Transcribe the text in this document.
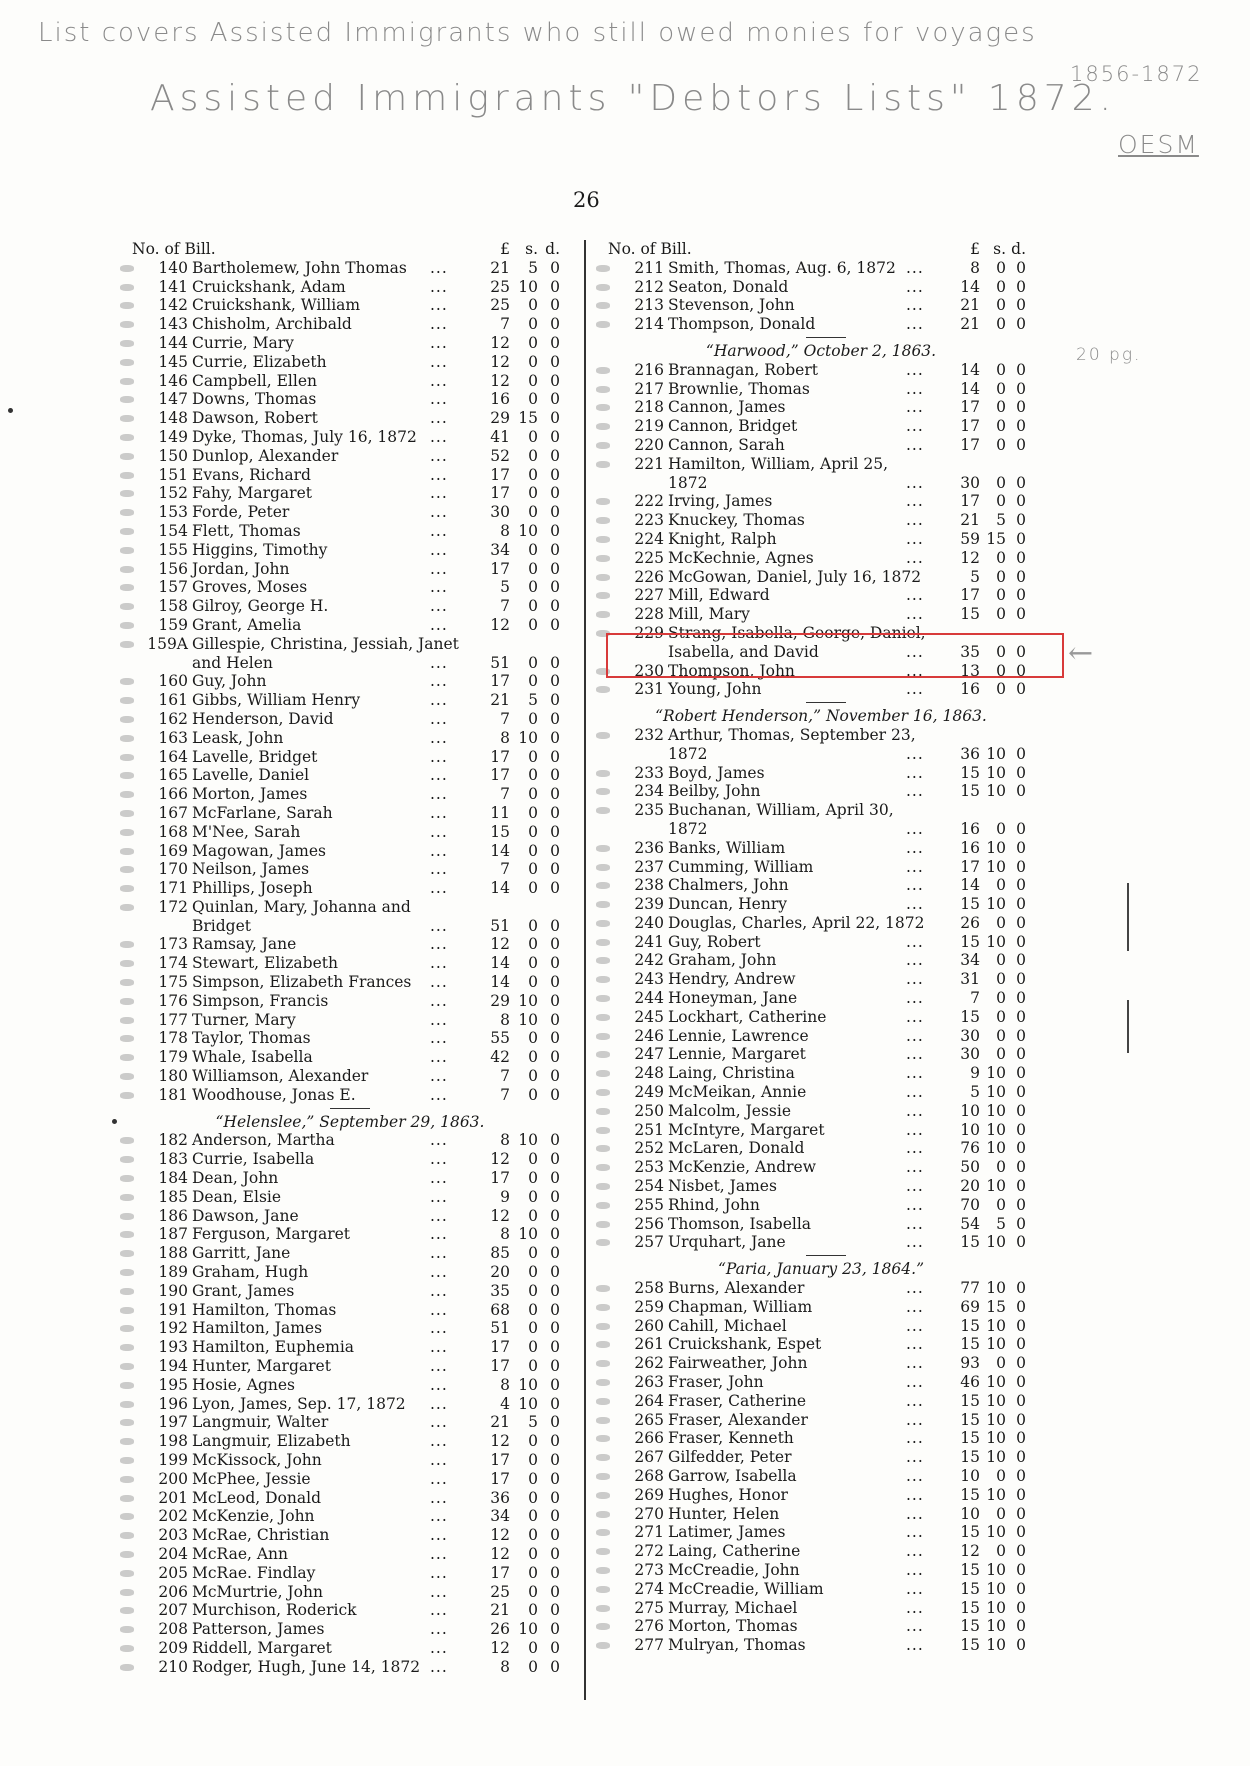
List covers Assisted Immigrants who still owed monies for voyages
Assisted Immigrants "Debtors Lists" 1872.
1856-1872
OESM
20 pg.
26
No. of Bill.	£ s. d.
140 Bartholemew, John Thomas ...	21	5 0
141 Cruickshank, Adam	...	25 10 0
142 Cruickshank, William	...	25	0 0
143 Chisholm, Archibald	...	7	0 0
144 Currie, Mary	...	12	0 0
145 Currie, Elizabeth	...	12	0 0
146 Campbell, Ellen	...	12	0 0
147 Downs, Thomas	...	16	0 0
148 Dawson, Robert	...	29 15 0
149 Dyke, Thomas, July 16, 1872 ...	41	0 0
150 Dunlop, Alexander	...	52	0 0
151 Evans, Richard	...	17	0 0
152 Fahy, Margaret	...	17	0 0
153 Forde, Peter	...	30	0 0
154 Flett, Thomas	...	8 10 0
155 Higgins, Timothy	...	34	0 0
156 Jordan, John	...	17	0 0
157 Groves, Moses	...	5	0 0
158 Gilroy, George H.	...	7	0 0
159 Grant, Amelia	...	12	0 0
159A Gillespie, Christina, Jessiah, Janet
and Helen	...	51	0 0
160 Guy, John	...	17	0 0
161 Gibbs, William Henry	...	21	5 0
162 Henderson, David	...	7	0 0
163 Leask, John	...	8 10 0
164 Lavelle, Bridget	...	17	0 0
165 Lavelle, Daniel	...	17	0 0
166 Morton, James	...	7	0 0
167 McFarlane, Sarah	...	11	0 0
168 M'Nee, Sarah	...	15	0 0
169 Magowan, James	...	14	0 0
170 Neilson, James	...	7	0 0
171 Phillips, Joseph	...	14	0 0
172 Quinlan, Mary, Johanna and
Bridget	...	51	0 0
173 Ramsay, Jane	...	12	0 0
174 Stewart, Elizabeth	...	14	0 0
175 Simpson, Elizabeth Frances ...	14	0 0
176 Simpson, Francis	...	29 10 0
177 Turner, Mary	...	8 10 0
178 Taylor, Thomas	...	55	0 0
179 Whale, Isabella	...	42	0 0
180 Williamson, Alexander	...	7	0 0
181 Woodhouse, Jonas E.	...	7	0 0
“Helenslee,” September 29, 1863.
182 Anderson, Martha	...	8 10 0
183 Currie, Isabella	...	12	0 0
184 Dean, John	...	17	0 0
185 Dean, Elsie	...	9	0 0
186 Dawson, Jane	...	12	0 0
187 Ferguson, Margaret	...	8 10 0
188 Garritt, Jane	...	85	0 0
189 Graham, Hugh	...	20	0 0
190 Grant, James	...	35	0 0
191 Hamilton, Thomas	...	68	0 0
192 Hamilton, James	...	51	0 0
193 Hamilton, Euphemia	...	17	0 0
194 Hunter, Margaret	...	17	0 0
195 Hosie, Agnes	...	8 10 0
196 Lyon, James, Sep. 17, 1872 ...	4 10 0
197 Langmuir, Walter	...	21	5 0
198 Langmuir, Elizabeth	...	12	0 0
199 McKissock, John	...	17	0 0
200 McPhee, Jessie	...	17	0 0
201 McLeod, Donald	...	36	0 0
202 McKenzie, John	...	34	0 0
203 McRae, Christian	...	12	0 0
204 McRae, Ann	...	12	0 0
205 McRae. Findlay	...	17	0 0
206 McMurtrie, John	...	25	0 0
207 Murchison, Roderick	...	21	0 0
208 Patterson, James	...	26 10 0
209 Riddell, Margaret	...	12	0 0
210 Rodger, Hugh, June 14, 1872 ...	8	0 0
No. of Bill.	£ s. d.
211 Smith, Thomas, Aug. 6, 1872 ...	8	0 0
212 Seaton, Donald	...	14	0 0
213 Stevenson, John	...	21	0 0
214 Thompson, Donald	...	21	0 0
“Harwood,” October 2, 1863.
216 Brannagan, Robert	...	14	0 0
217 Brownlie, Thomas	...	14	0 0
218 Cannon, James	...	17	0 0
219 Cannon, Bridget	...	17	0 0
220 Cannon, Sarah	...	17	0 0
221 Hamilton, William, April 25,
1872	...	30	0 0
222 Irving, James	...	17	0 0
223 Knuckey, Thomas	...	21	5 0
224 Knight, Ralph	...	59 15 0
225 McKechnie, Agnes	...	12	0 0
226 McGowan, Daniel, July 16, 1872	5	0 0
227 Mill, Edward	...	17	0 0
228 Mill, Mary	...	15	0 0
229 Strang, Isabella, George, Daniel,
Isabella, and David	...	35	0 0
230 Thompson, John	...	13	0 0
231 Young, John	...	16	0 0
“Robert Henderson,” November 16, 1863.
232 Arthur, Thomas, September 23,
1872	...	36 10 0
233 Boyd, James	...	15 10 0
234 Beilby, John	...	15 10 0
235 Buchanan, William, April 30,
1872	...	16	0 0
236 Banks, William	...	16 10 0
237 Cumming, William	...	17 10 0
238 Chalmers, John	...	14	0 0
239 Duncan, Henry	...	15 10 0
240 Douglas, Charles, April 22, 1872	26	0 0
241 Guy, Robert	...	15 10 0
242 Graham, John	...	34	0 0
243 Hendry, Andrew	...	31	0 0
244 Honeyman, Jane	...	7	0 0
245 Lockhart, Catherine	...	15	0 0
246 Lennie, Lawrence	...	30	0 0
247 Lennie, Margaret	...	30	0 0
248 Laing, Christina	...	9 10 0
249 McMeikan, Annie	...	5 10 0
250 Malcolm, Jessie	...	10 10 0
251 McIntyre, Margaret	...	10 10 0
252 McLaren, Donald	...	76 10 0
253 McKenzie, Andrew	...	50	0 0
254 Nisbet, James	...	20 10 0
255 Rhind, John	...	70	0 0
256 Thomson, Isabella	...	54	5 0
257 Urquhart, Jane	...	15 10 0
“Paria, January 23, 1864.”
258 Burns, Alexander	...	77 10 0
259 Chapman, William	...	69 15 0
260 Cahill, Michael	...	15 10 0
261 Cruickshank, Espet	...	15 10 0
262 Fairweather, John	...	93	0 0
263 Fraser, John	...	46 10 0
264 Fraser, Catherine	...	15 10 0
265 Fraser, Alexander	...	15 10 0
266 Fraser, Kenneth	...	15 10 0
267 Gilfedder, Peter	...	15 10 0
268 Garrow, Isabella	...	10	0 0
269 Hughes, Honor	...	15 10 0
270 Hunter, Helen	...	10	0 0
271 Latimer, James	...	15 10 0
272 Laing, Catherine	...	12	0 0
273 McCreadie, John	...	15 10 0
274 McCreadie, William	...	15 10 0
275 Murray, Michael	...	15 10 0
276 Morton, Thomas	...	15 10 0
277 Mulryan, Thomas	...	15 10 0
←
